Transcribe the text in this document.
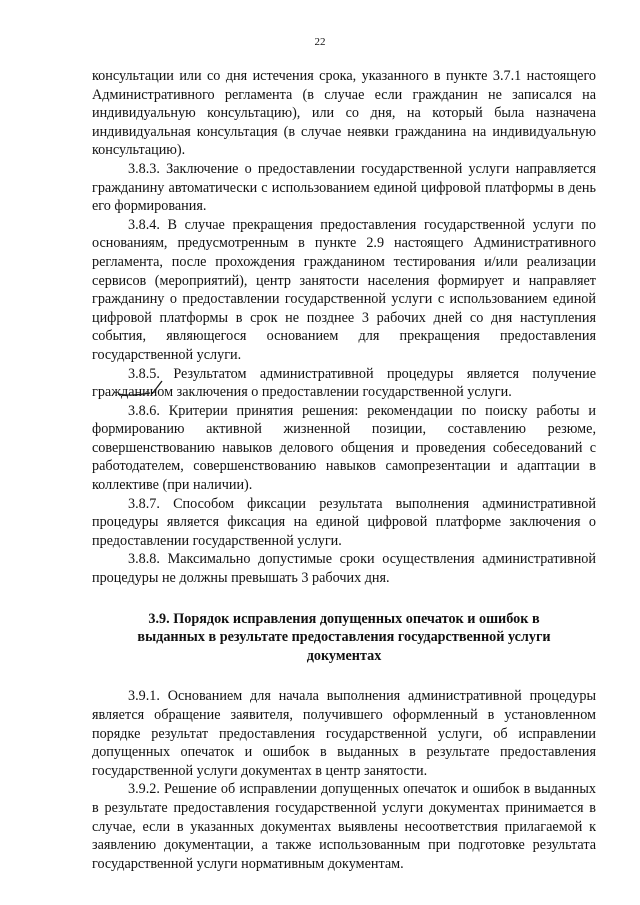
22

консультации или со дня истечения срока, указанного в пункте 3.7.1 настоящего Административного регламента (в случае если гражданин не записался на индивидуальную консультацию), или со дня, на который была назначена индивидуальная консультация (в случае неявки гражданина на индивидуальную консультацию).

3.8.3. Заключение о предоставлении государственной услуги направляется гражданину автоматически с использованием единой цифровой платформы в день его формирования.

3.8.4. В случае прекращения предоставления государственной услуги по основаниям, предусмотренным в пункте 2.9 настоящего Административного регламента, после прохождения гражданином тестирования и/или реализации сервисов (мероприятий), центр занятости населения формирует и направляет гражданину о предоставлении государственной услуги с использованием единой цифровой платформы в срок не позднее 3 рабочих дней со дня наступления события, являющегося основанием для прекращения предоставления государственной услуги.

3.8.5. Результатом административной процедуры является получение гражданином заключения о предоставлении государственной услуги.

3.8.6. Критерии принятия решения: рекомендации по поиску работы и формированию активной жизненной позиции, составлению резюме, совершенствованию навыков делового общения и проведения собеседований с работодателем, совершенствованию навыков самопрезентации и адаптации в коллективе (при наличии).

3.8.7. Способом фиксации результата выполнения административной процедуры является фиксация на единой цифровой платформе заключения о предоставлении государственной услуги.

3.8.8. Максимально допустимые сроки осуществления административной процедуры не должны превышать 3 рабочих дня.

3.9. Порядок исправления допущенных опечаток и ошибок в выданных в результате предоставления государственной услуги документах

3.9.1. Основанием для начала выполнения административной процедуры является обращение заявителя, получившего оформленный в установленном порядке результат предоставления государственной услуги, об исправлении допущенных опечаток и ошибок в выданных в результате предоставления государственной услуги документах в центр занятости.

3.9.2. Решение об исправлении допущенных опечаток и ошибок в выданных в результате предоставления государственной услуги документах принимается в случае, если в указанных документах выявлены несоответствия прилагаемой к заявлению документации, а также использованным при подготовке результата государственной услуги нормативным документам.
